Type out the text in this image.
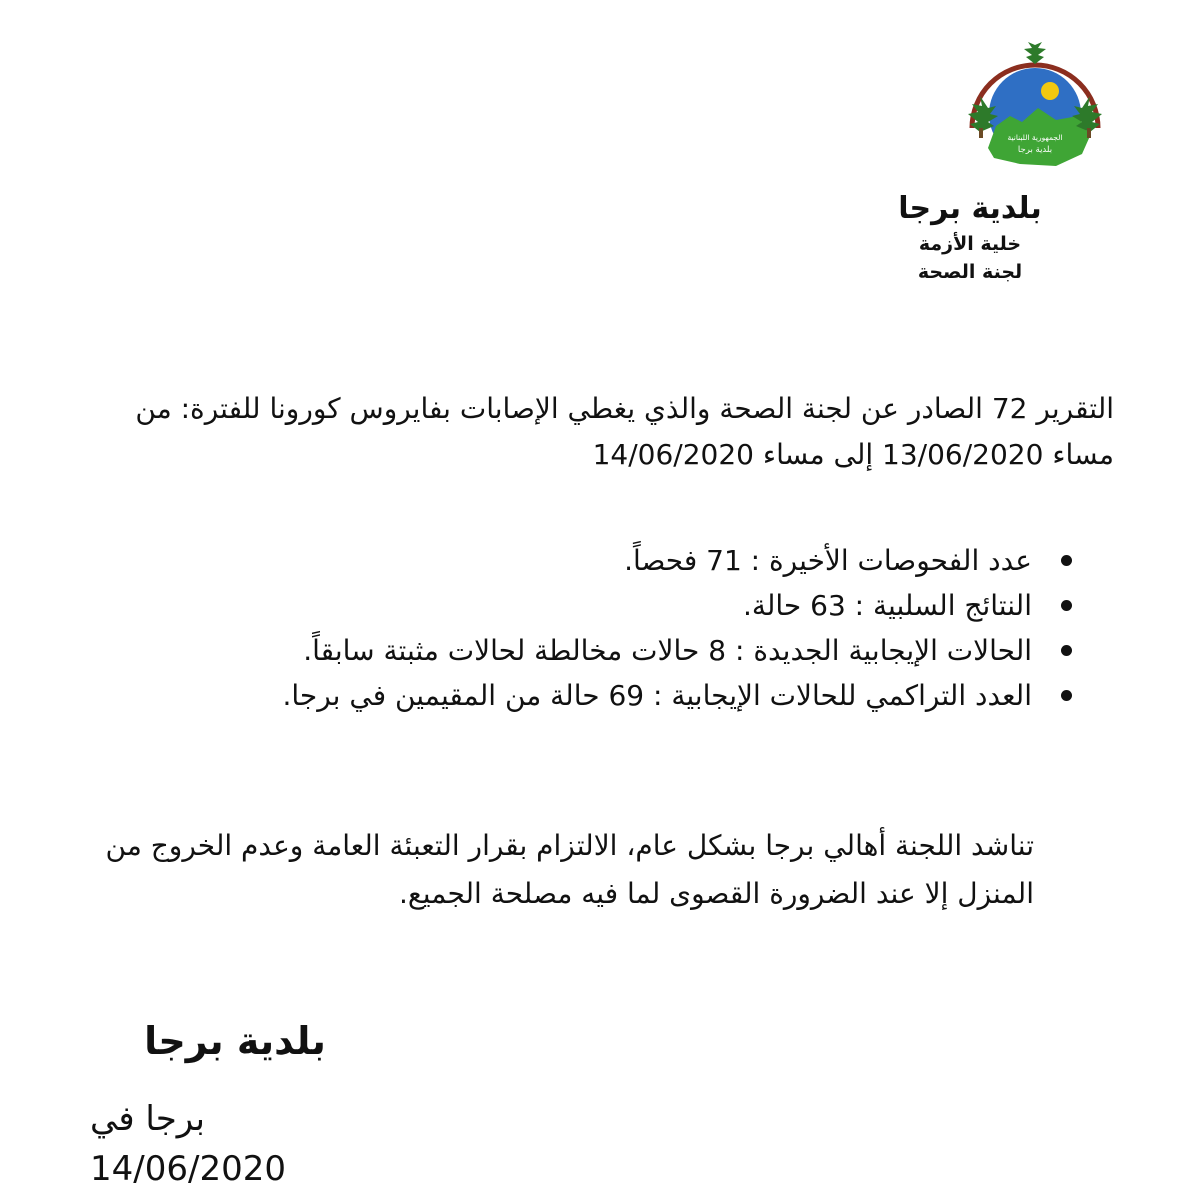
الجمهورية اللبنانية
بلدية برجا

بلدية برجا

خلية الأزمة

لجنة الصحة

التقرير 72 الصادر عن لجنة الصحة والذي يغطي الإصابات بفايروس كورونا للفترة: من مساء 13/06/2020 إلى مساء 14/06/2020

عدد الفحوصات الأخيرة : 71 فحصاً.
النتائج السلبية : 63 حالة.
الحالات الإيجابية الجديدة : 8 حالات مخالطة لحالات مثبتة سابقاً.
العدد التراكمي للحالات الإيجابية : 69 حالة من المقيمين في برجا.

تناشد اللجنة أهالي برجا بشكل عام، الالتزام بقرار التعبئة العامة وعدم الخروج من المنزل إلا عند الضرورة القصوى لما فيه مصلحة الجميع.

بلدية برجا

برجا في 14/06/2020
